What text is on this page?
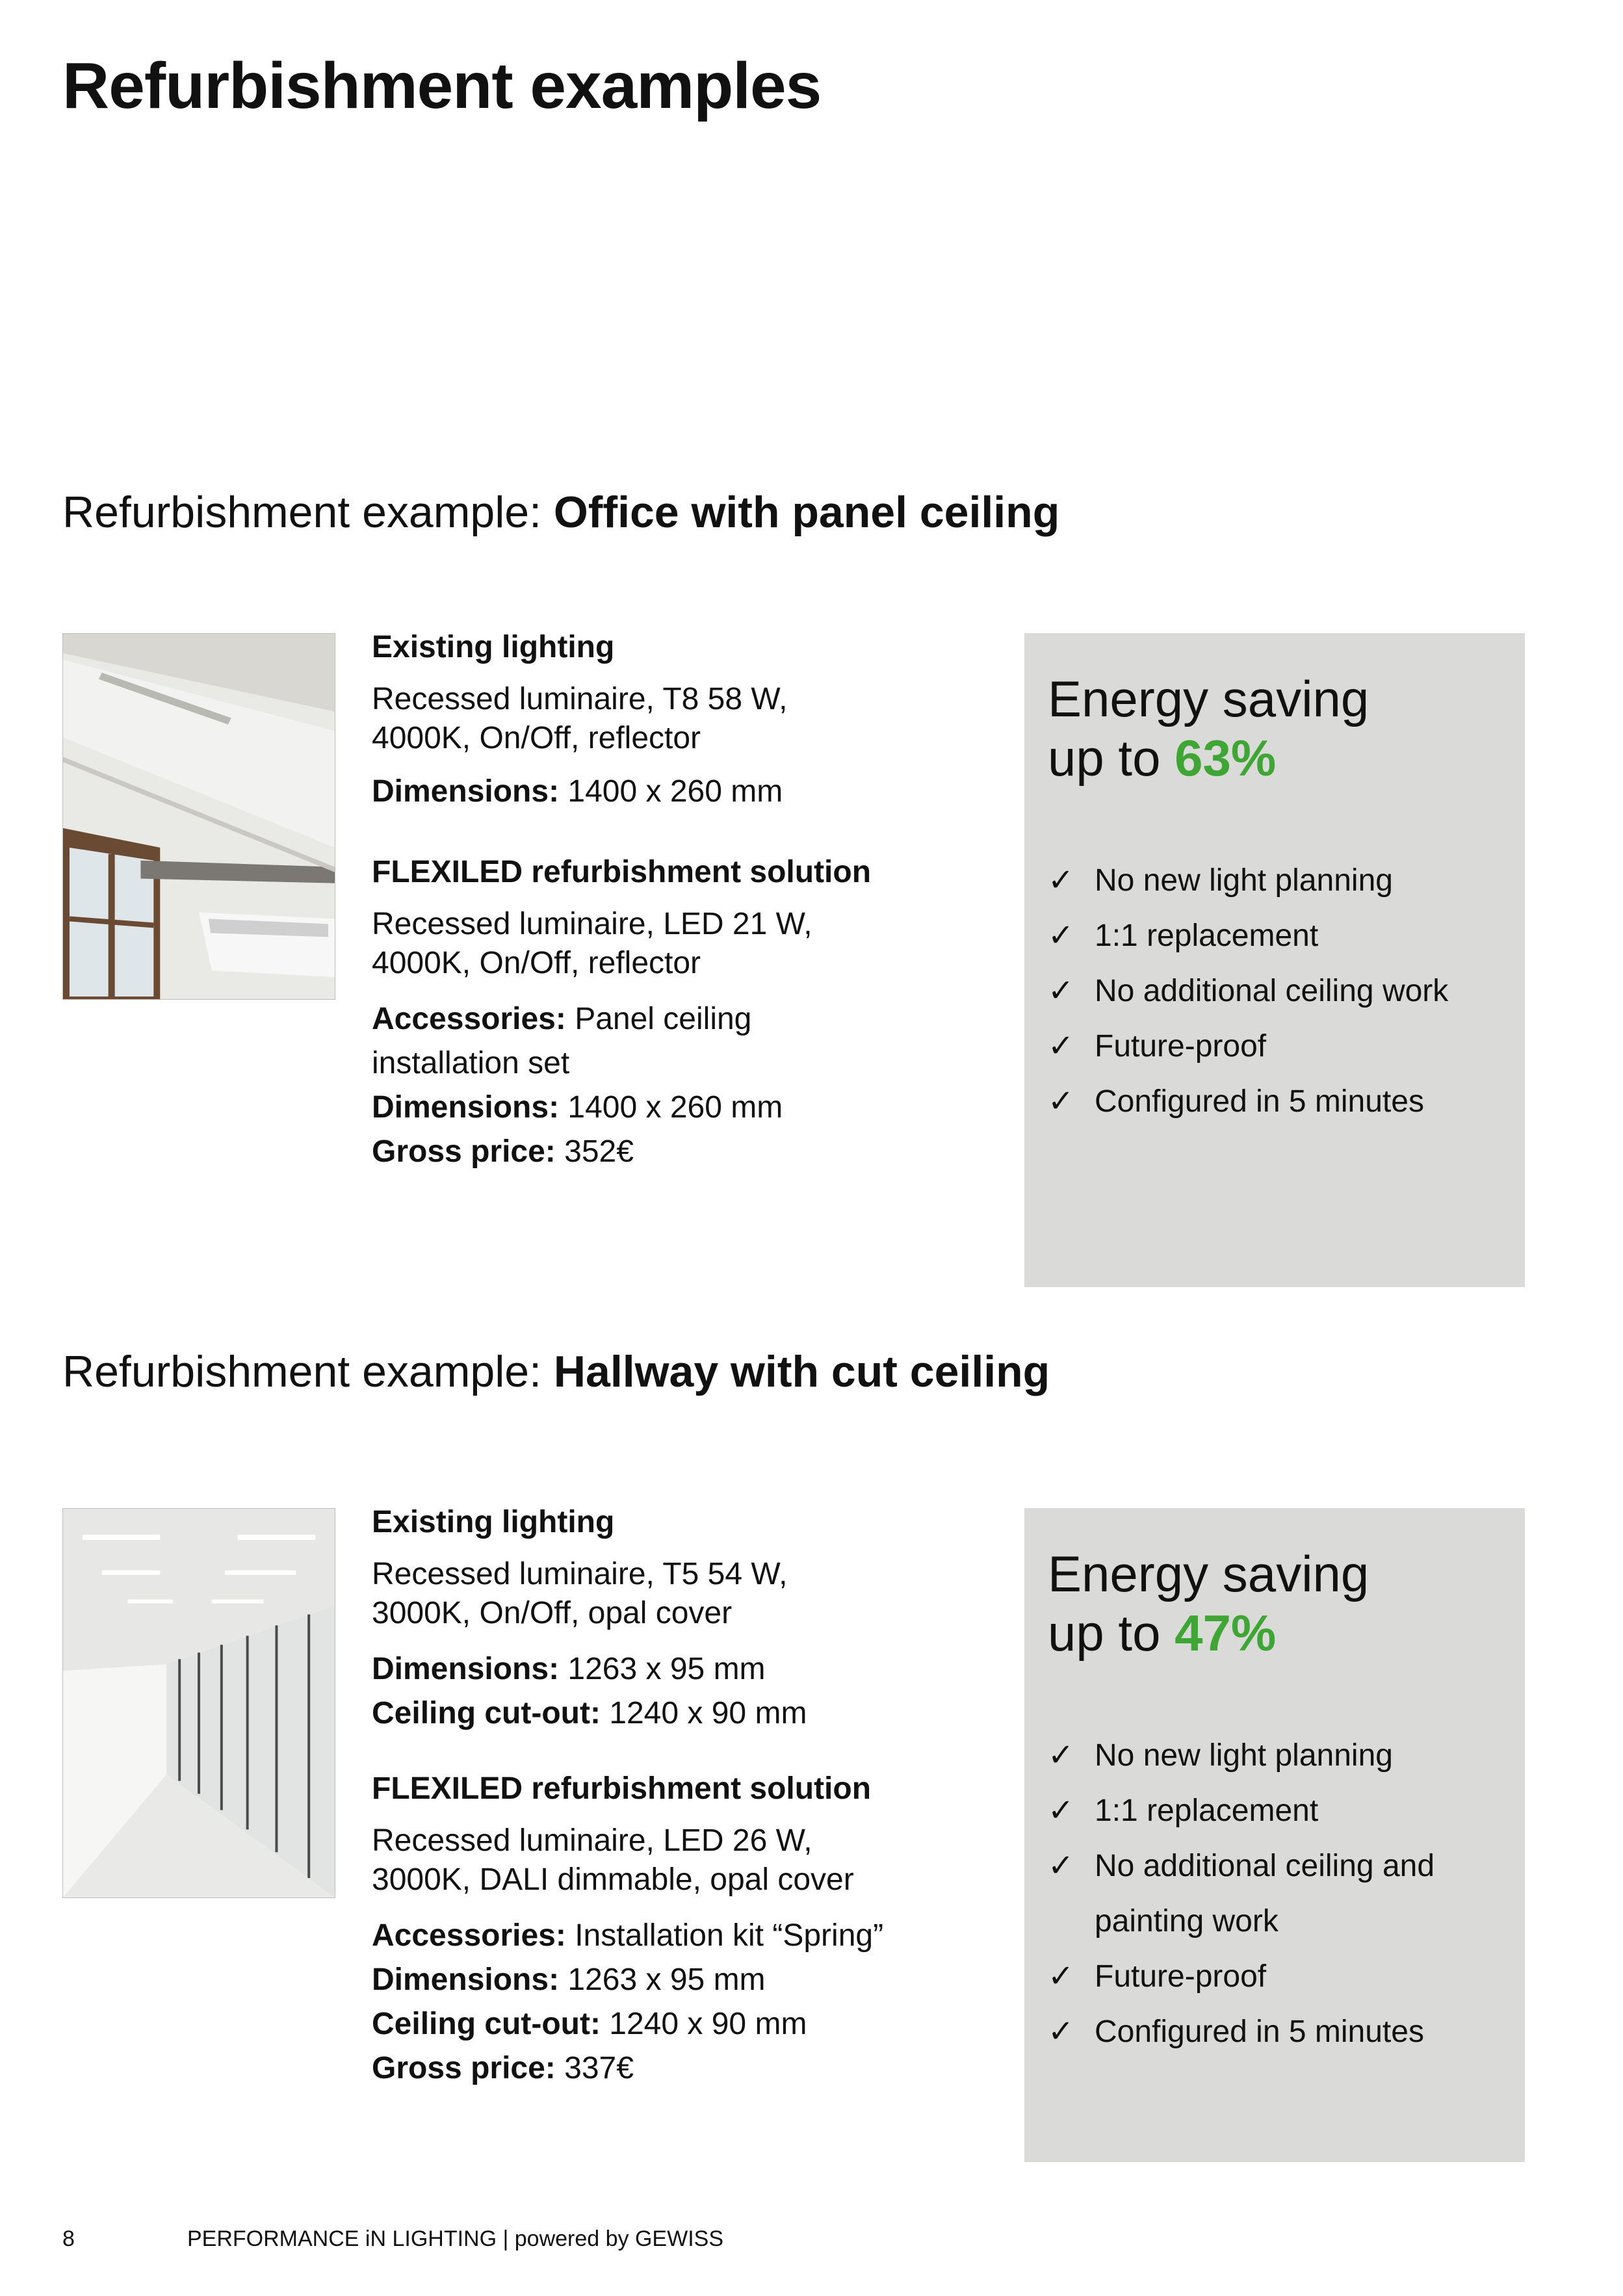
Refurbishment examples
Refurbishment example: Office with panel ceiling

Existing lighting

Recessed luminaire, T8 58 W,

4000K, On/Off, reflector

Dimensions: 1400 x 260 mm

FLEXILED refurbishment solution

Recessed luminaire, LED 21 W,

4000K, On/Off, reflector

Accessories: Panel ceiling
installation set

Dimensions: 1400 x 260 mm

Gross price: 352€

Energy saving
up to 63%
✓ No new light planning
✓ 1:1 replacement
✓ No additional ceiling work
✓ Future-proof
✓ Configured in 5 minutes
Refurbishment example: Hallway with cut ceiling

Existing lighting

Recessed luminaire, T5 54 W,

3000K, On/Off, opal cover

Dimensions: 1263 x 95 mm

Ceiling cut-out: 1240 x 90 mm

FLEXILED refurbishment solution

Recessed luminaire, LED 26 W,

3000K, DALI dimmable, opal cover

Accessories: Installation kit “Spring”

Dimensions: 1263 x 95 mm

Ceiling cut-out: 1240 x 90 mm

Gross price: 337€

Energy saving
up to 47%
✓ No new light planning
✓ 1:1 replacement
✓ No additional ceiling and
painting work
✓ Future-proof
✓ Configured in 5 minutes
8	PERFORMANCE iN LIGHTING | powered by GEWISS
